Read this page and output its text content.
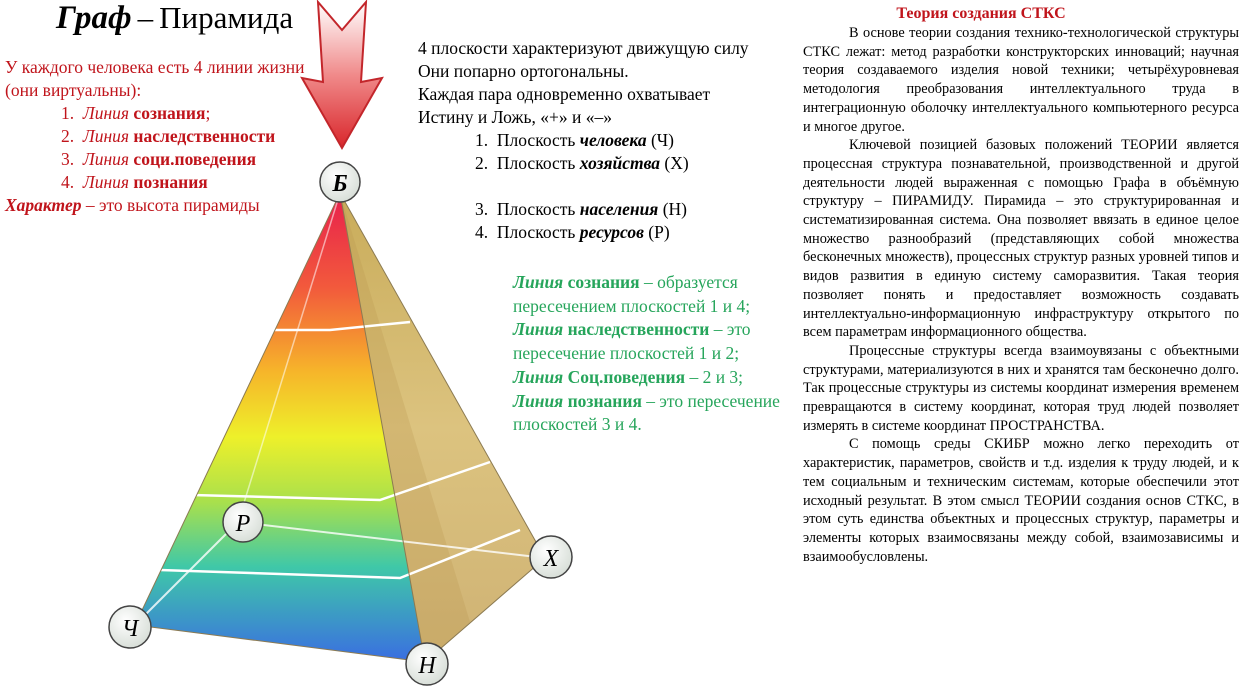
Граф – Пирамида
Б
Р
Х
Ч
Н
У каждого человека есть 4 линии жизни (они виртуальны):
1. Линия сознания;
2. Линия наследственности
3. Линия соци.поведения
4. Линия познания
Характер – это высота пирамиды
4 плоскости характеризуют движущую силу
Они попарно ортогональны.
Каждая пара одновременно охватывает
Истину и Ложь, «+» и «–»
1. Плоскость человека (Ч)
2. Плоскость хозяйства (Х)
3. Плоскость населения (Н)
4. Плоскость ресурсов (Р)
Линия сознания – образуется пересечением плоскостей 1 и 4;
Линия наследственности – это пересечение плоскостей 1 и 2;
Линия Соц.поведения – 2 и 3;
Линия познания – это пересечение плоскостей 3 и 4.
Теория создания СТКС

В основе теории создания технико-технологической структуры СТКС лежат: метод разработки конструкторских инноваций; научная теория создаваемого изделия новой техники; четырёхуровневая методология преобразования интеллектуального труда в интеграционную оболочку интеллектуального компьютерного ресурса и многое другое.

Ключевой позицией базовых положений ТЕОРИИ является процессная структура познавательной, производственной и другой деятельности людей выраженная с помощью Графа в объёмную структуру – ПИРАМИДУ. Пирамида – это структурированная и систематизированная система. Она позволяет ввязать в единое целое множество разнообразий (представляющих собой множества бесконечных множеств), процессных структур разных уровней типов и видов развития в единую систему саморазвития. Такая теория позволяет понять и предоставляет возможность создавать интеллектуально-информационную инфраструктуру открытого по всем параметрам информационного общества.

Процессные структуры всегда взаимоувязаны с объектными структурами, материализуются в них и хранятся там бесконечно долго. Так процессные структуры из системы координат измерения временем превращаются в систему координат, которая труд людей позволяет измерять в системе координат ПРОСТРАНСТВА.

С помощь среды СКИБР можно легко переходить от характеристик, параметров, свойств и т.д. изделия к труду людей, и к тем социальным и техническим системам, которые обеспечили этот исходный результат. В этом смысл ТЕОРИИ создания основ СТКС, в этом суть единства объектных и процессных структур, параметры и элементы которых взаимосвязаны между собой, взаимозависимы и взаимообусловлены.
